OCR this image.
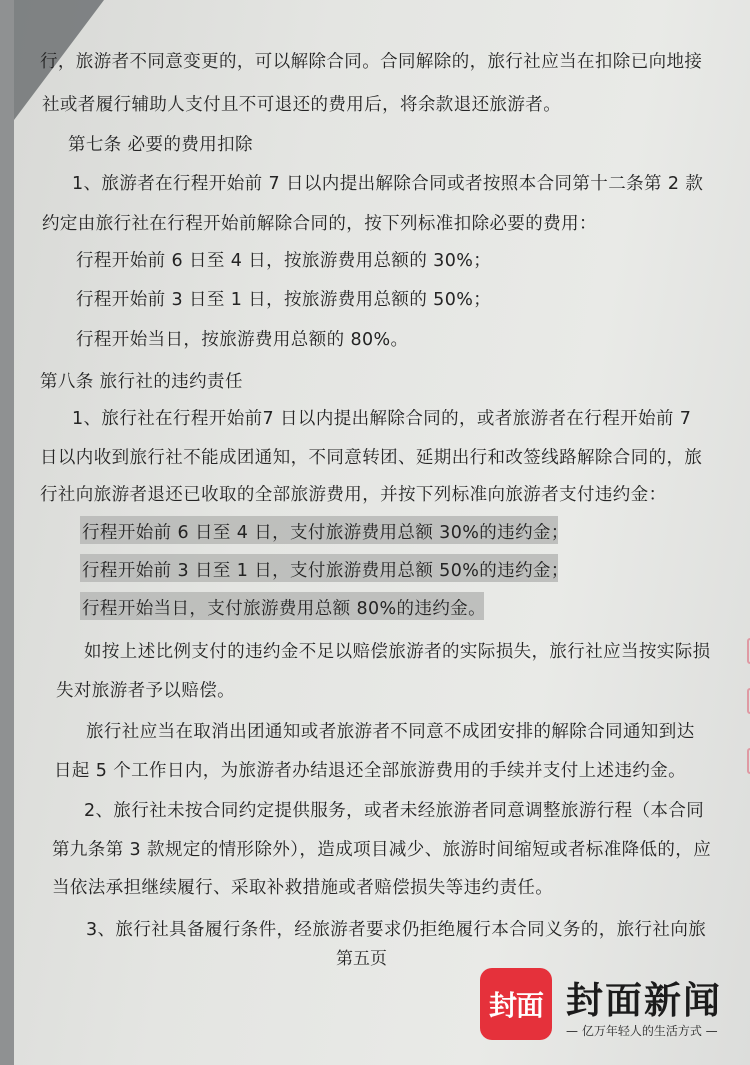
行，旅游者不同意变更的，可以解除合同。合同解除的，旅行社应当在扣除已向地接
社或者履行辅助人支付且不可退还的费用后，将余款退还旅游者。
第七条 必要的费用扣除
1、旅游者在行程开始前 7 日以内提出解除合同或者按照本合同第十二条第 2 款
约定由旅行社在行程开始前解除合同的，按下列标准扣除必要的费用：
行程开始前 6 日至 4 日，按旅游费用总额的 30%；
行程开始前 3 日至 1 日，按旅游费用总额的 50%；
行程开始当日，按旅游费用总额的 80%。
第八条 旅行社的违约责任
1、旅行社在行程开始前7 日以内提出解除合同的，或者旅游者在行程开始前 7
日以内收到旅行社不能成团通知，不同意转团、延期出行和改签线路解除合同的，旅
行社向旅游者退还已收取的全部旅游费用，并按下列标准向旅游者支付违约金：
行程开始前 6 日至 4 日，支付旅游费用总额 30%的违约金；
行程开始前 3 日至 1 日，支付旅游费用总额 50%的违约金；
行程开始当日，支付旅游费用总额 80%的违约金。
如按上述比例支付的违约金不足以赔偿旅游者的实际损失，旅行社应当按实际损
失对旅游者予以赔偿。
旅行社应当在取消出团通知或者旅游者不同意不成团安排的解除合同通知到达
日起 5 个工作日内，为旅游者办结退还全部旅游费用的手续并支付上述违约金。
2、旅行社未按合同约定提供服务，或者未经旅游者同意调整旅游行程（本合同
第九条第 3 款规定的情形除外），造成项目减少、旅游时间缩短或者标准降低的，应
当依法承担继续履行、采取补救措施或者赔偿损失等违约责任。
3、旅行社具备履行条件，经旅游者要求仍拒绝履行本合同义务的，旅行社向旅
第五页
封面 封面新闻
— 亿万年轻人的生活方式 —
